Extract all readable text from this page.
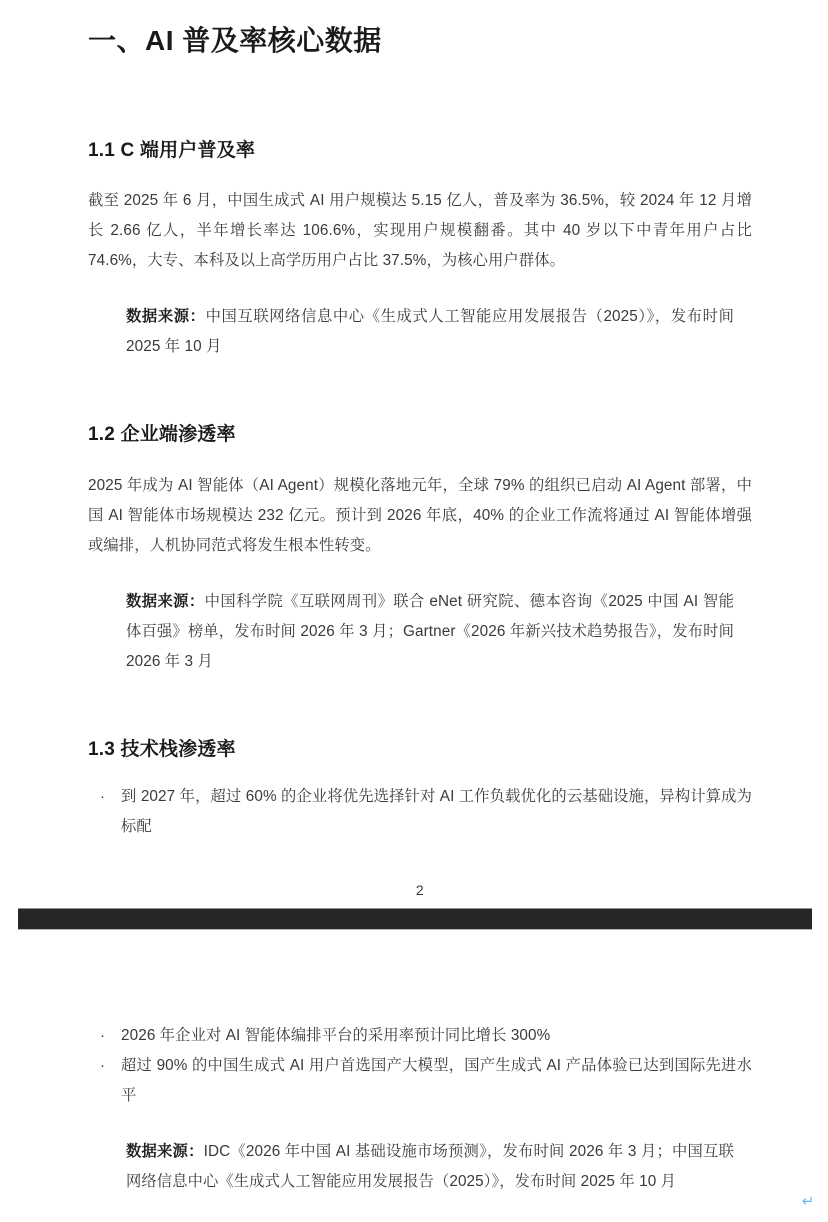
一、AI 普及率核心数据
1.1 C 端用户普及率

截至 2025 年 6 月，中国生成式 AI 用户规模达 5.15 亿人，普及率为 36.5%，较 2024 年 12 月增长 2.66 亿人，半年增长率达 106.6%，实现用户规模翻番。其中 40 岁以下中青年用户占比 74.6%，大专、本科及以上高学历用户占比 37.5%，为核心用户群体。

数据来源：中国互联网络信息中心《生成式人工智能应用发展报告（2025）》，发布时间 2025 年 10 月

1.2 企业端渗透率

2025 年成为 AI 智能体（AI Agent）规模化落地元年，全球 79% 的组织已启动 AI Agent 部署，中国 AI 智能体市场规模达 232 亿元。预计到 2026 年底，40% 的企业工作流将通过 AI 智能体增强或编排，人机协同范式将发生根本性转变。

数据来源：中国科学院《互联网周刊》联合 eNet 研究院、德本咨询《2025 中国 AI 智能体百强》榜单，发布时间 2026 年 3 月；Gartner《2026 年新兴技术趋势报告》，发布时间 2026 年 3 月

1.3 技术栈渗透率
· 到 2027 年，超过 60% 的企业将优先选择针对 AI 工作负载优化的云基础设施，异构计算成为标配
2
· 2026 年企业对 AI 智能体编排平台的采用率预计同比增长 300%
· 超过 90% 的中国生成式 AI 用户首选国产大模型，国产生成式 AI 产品体验已达到国际先进水平

数据来源：IDC《2026 年中国 AI 基础设施市场预测》，发布时间 2026 年 3 月；中国互联网络信息中心《生成式人工智能应用发展报告（2025）》，发布时间 2025 年 10 月

↵
